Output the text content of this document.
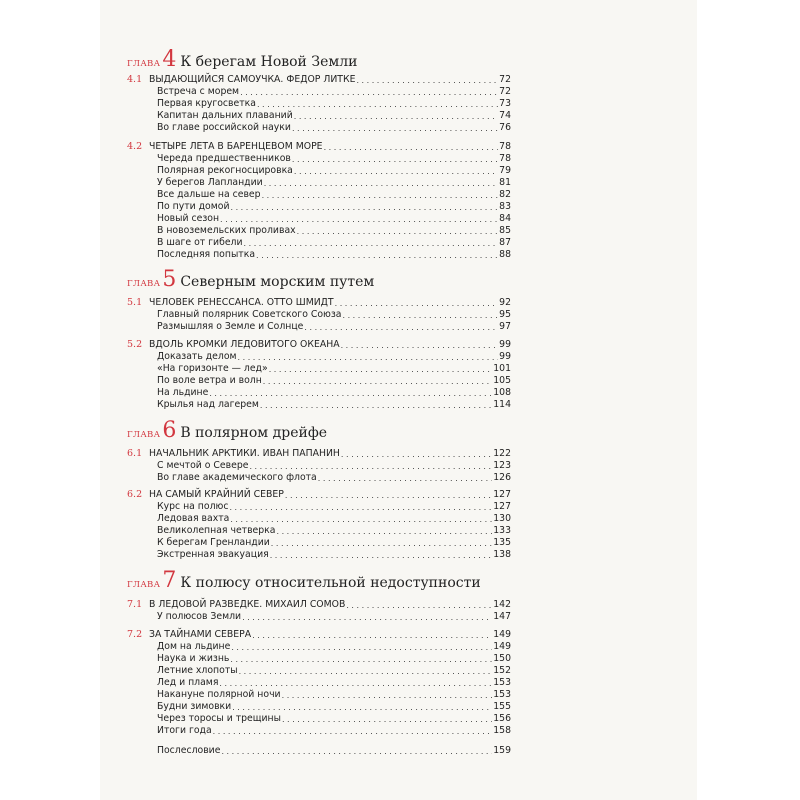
ГЛАВА 4 К берегам Новой Земли
4.1 ВЫДАЮЩИЙСЯ САМОУЧКА. ФЕДОР ЛИТКЕ . . .	72
Встреча с морем . . .	72
Первая кругосветка . . .	73
Капитан дальних плаваний . . .	74
Во главе российской науки . . .	76
4.2 ЧЕТЫРЕ ЛЕТА В БАРЕНЦЕВОМ МОРЕ . . .	78
Череда предшественников . . .	78
Полярная рекогносцировка . . .	79
У берегов Лапландии . . .	81
Все дальше на север . . .	82
По пути домой . . .	83
Новый сезон . . .	84
В новоземельских проливах . . .	85
В шаге от гибели . . .	87
Последняя попытка . . .	88
ГЛАВА 5 Северным морским путем
5.1 ЧЕЛОВЕК РЕНЕССАНСА. ОТТО ШМИДТ . . .	92
Главный полярник Советского Союза . . .	95
Размышляя о Земле и Солнце . . .	97
5.2 ВДОЛЬ КРОМКИ ЛЕДОВИТОГО ОКЕАНА . . .	99
Доказать делом . . .	99
«На горизонте — лед» . . .	101
По воле ветра и волн . . .	105
На льдине . . .	108
Крылья над лагерем . . .	114
ГЛАВА 6 В полярном дрейфе
6.1 НАЧАЛЬНИК АРКТИКИ. ИВАН ПАПАНИН . . .	122
С мечтой о Севере . . .	123
Во главе академического флота . . .	126
6.2 НА САМЫЙ КРАЙНИЙ СЕВЕР . . .	127
Курс на полюс . . .	127
Ледовая вахта . . .	130
Великолепная четверка . . .	133
К берегам Гренландии . . .	135
Экстренная эвакуация . . .	138
ГЛАВА 7 К полюсу относительной недоступности
7.1 В ЛЕДОВОЙ РАЗВЕДКЕ. МИХАИЛ СОМОВ . . .	142
У полюсов Земли . . .	147
7.2 ЗА ТАЙНАМИ СЕВЕРА . . .	149
Дом на льдине . . .	149
Наука и жизнь . . .	150
Летние хлопоты . . .	152
Лед и пламя . . .	153
Накануне полярной ночи . . .	153
Будни зимовки . . .	155
Через торосы и трещины . . .	156
Итоги года . . .	158
Послесловие . . .	159
